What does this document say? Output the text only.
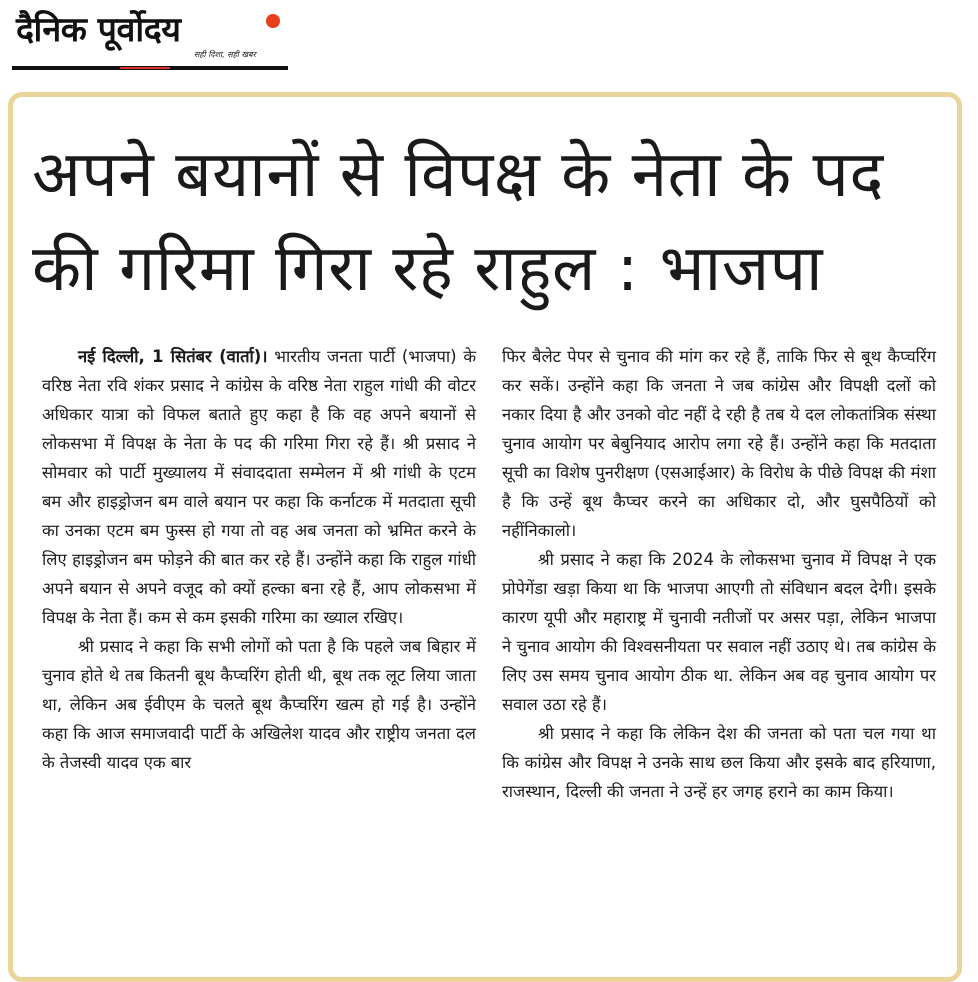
दैनिक पूर्वोदय
सही दिशा, सही खबर
अपने बयानों से विपक्ष के नेता के पद
की गरिमा गिरा रहे राहुल : भाजपा

नई दिल्ली, 1 सितंबर (वार्ता)। भारतीय जनता पार्टी (भाजपा) के वरिष्ठ नेता रवि शंकर प्रसाद ने कांग्रेस के वरिष्ठ नेता राहुल गांधी की वोटर अधिकार यात्रा को विफल बताते हुए कहा है कि वह अपने बयानों से लोकसभा में विपक्ष के नेता के पद की गरिमा गिरा रहे हैं। श्री प्रसाद ने सोमवार को पार्टी मुख्यालय में संवाददाता सम्मेलन में श्री गांधी के एटम बम और हाइड्रोजन बम वाले बयान पर कहा कि कर्नाटक में मतदाता सूची का उनका एटम बम फुस्स हो गया तो वह अब जनता को भ्रमित करने के लिए हाइड्रोजन बम फोड़ने की बात कर रहे हैं। उन्होंने कहा कि राहुल गांधी अपने बयान से अपने वजूद को क्यों हल्का बना रहे हैं, आप लोकसभा में विपक्ष के नेता हैं। कम से कम इसकी गरिमा का ख्याल रखिए।

श्री प्रसाद ने कहा कि सभी लोगों को पता है कि पहले जब बिहार में चुनाव होते थे तब कितनी बूथ कैप्चरिंग होती थी, बूथ तक लूट लिया जाता था, लेकिन अब ईवीएम के चलते बूथ कैप्चरिंग खत्म हो गई है। उन्होंने कहा कि आज समाजवादी पार्टी के अखिलेश यादव और राष्ट्रीय जनता दल के तेजस्वी यादव एक बार

फिर बैलेट पेपर से चुनाव की मांग कर रहे हैं, ताकि फिर से बूथ कैप्चरिंग कर सकें। उन्होंने कहा कि जनता ने जब कांग्रेस और विपक्षी दलों को नकार दिया है और उनको वोट नहीं दे रही है तब ये दल लोकतांत्रिक संस्था चुनाव आयोग पर बेबुनियाद आरोप लगा रहे हैं। उन्होंने कहा कि मतदाता सूची का विशेष पुनरीक्षण (एसआईआर) के विरोध के पीछे विपक्ष की मंशा है कि उन्हें बूथ कैप्चर करने का अधिकार दो, और घुसपैठियों को नहींनिकालो।

श्री प्रसाद ने कहा कि 2024 के लोकसभा चुनाव में विपक्ष ने एक प्रोपेगेंडा खड़ा किया था कि भाजपा आएगी तो संविधान बदल देगी। इसके कारण यूपी और महाराष्ट्र में चुनावी नतीजों पर असर पड़ा, लेकिन भाजपा ने चुनाव आयोग की विश्वसनीयता पर सवाल नहीं उठाए थे। तब कांग्रेस के लिए उस समय चुनाव आयोग ठीक था. लेकिन अब वह चुनाव आयोग पर सवाल उठा रहे हैं।

श्री प्रसाद ने कहा कि लेकिन देश की जनता को पता चल गया था कि कांग्रेस और विपक्ष ने उनके साथ छल किया और इसके बाद हरियाणा, राजस्थान, दिल्ली की जनता ने उन्हें हर जगह हराने का काम किया।
